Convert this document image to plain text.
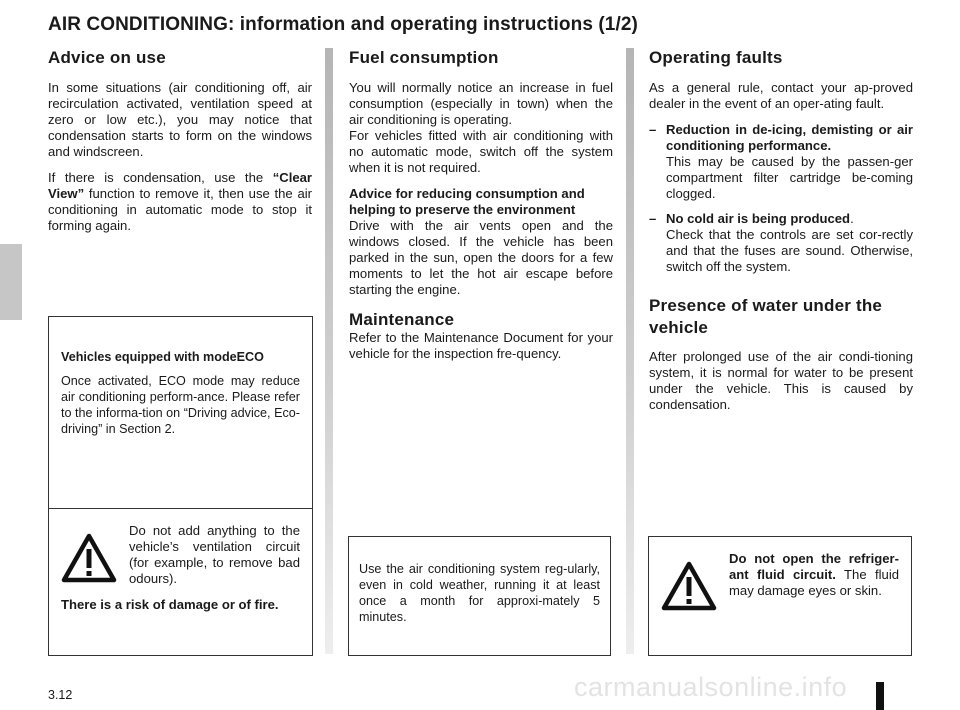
AIR CONDITIONING: information and operating instructions (1/2)
Advice on use

In some situations (air conditioning off, air recirculation activated, ventilation speed at zero or low etc.), you may notice that condensation starts to form on the windows and windscreen.

If there is condensation, use the “Clear View” function to remove it, then use the air conditioning in automatic mode to stop it forming again.

Vehicles equipped with modeECO

Once activated, ECO mode may reduce air conditioning perform-ance. Please refer to the informa-tion on “Driving advice, Eco-driving” in Section 2.

Do not add anything to the vehicle’s ventilation circuit (for example, to remove bad odours).
There is a risk of damage or of fire.
Fuel consumption

You will normally notice an increase in fuel consumption (especially in town) when the air conditioning is operating.

For vehicles fitted with air conditioning with no automatic mode, switch off the system when it is not required.

Advice for reducing consumption and helping to preserve the environment

Drive with the air vents open and the windows closed. If the vehicle has been parked in the sun, open the doors for a few moments to let the hot air escape before starting the engine.

Maintenance

Refer to the Maintenance Document for your vehicle for the inspection fre-quency.

Use the air conditioning system reg-ularly, even in cold weather, running it at least once a month for approxi-mately 5 minutes.

Operating faults

As a general rule, contact your ap-proved dealer in the event of an oper-ating fault.

– Reduction in de-icing, demisting or air conditioning performance.
This may be caused by the passen-ger compartment filter cartridge be-coming clogged.
– No cold air is being produced.
Check that the controls are set cor-rectly and that the fuses are sound. Otherwise, switch off the system.
Presence of water under the vehicle

After prolonged use of the air condi-tioning system, it is normal for water to be present under the vehicle. This is caused by condensation.

Do not open the refriger-ant fluid circuit. The fluid may damage eyes or skin.
3.12	carmanualsonline.info
